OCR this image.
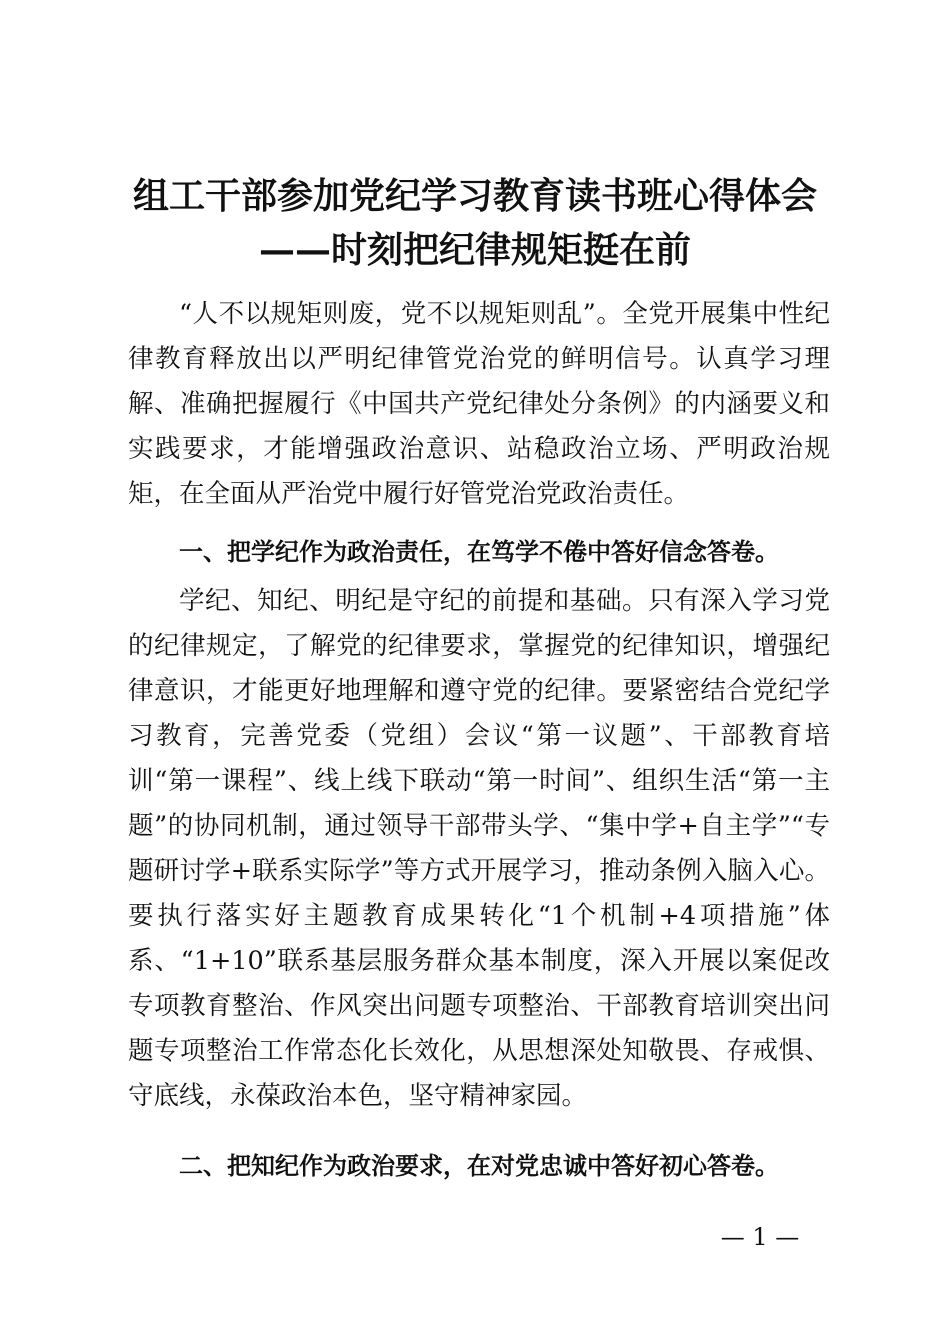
组工干部参加党纪学习教育读书班心得体会
——时刻把纪律规矩挺在前

“人不以规矩则废，党不以规矩则乱”。全党开展集中性纪律教育释放出以严明纪律管党治党的鲜明信号。认真学习理解、准确把握履行《中国共产党纪律处分条例》的内涵要义和实践要求，才能增强政治意识、站稳政治立场、严明政治规矩，在全面从严治党中履行好管党治党政治责任。

一、把学纪作为政治责任，在笃学不倦中答好信念答卷。

学纪、知纪、明纪是守纪的前提和基础。只有深入学习党的纪律规定，了解党的纪律要求，掌握党的纪律知识，增强纪律意识，才能更好地理解和遵守党的纪律。要紧密结合党纪学习教育，完善党委（党组）会议“第一议题”、干部教育培训“第一课程”、线上线下联动“第一时间”、组织生活“第一主题”的协同机制，通过领导干部带头学、“集中学+自主学”“专题研讨学+联系实际学”等方式开展学习，推动条例入脑入心。要执行落实好主题教育成果转化“1个机制+4项措施”体系、“1+10”联系基层服务群众基本制度，深入开展以案促改专项教育整治、作风突出问题专项整治、干部教育培训突出问题专项整治工作常态化长效化，从思想深处知敬畏、存戒惧、守底线，永葆政治本色，坚守精神家园。

二、把知纪作为政治要求，在对党忠诚中答好初心答卷。

— 1 —
